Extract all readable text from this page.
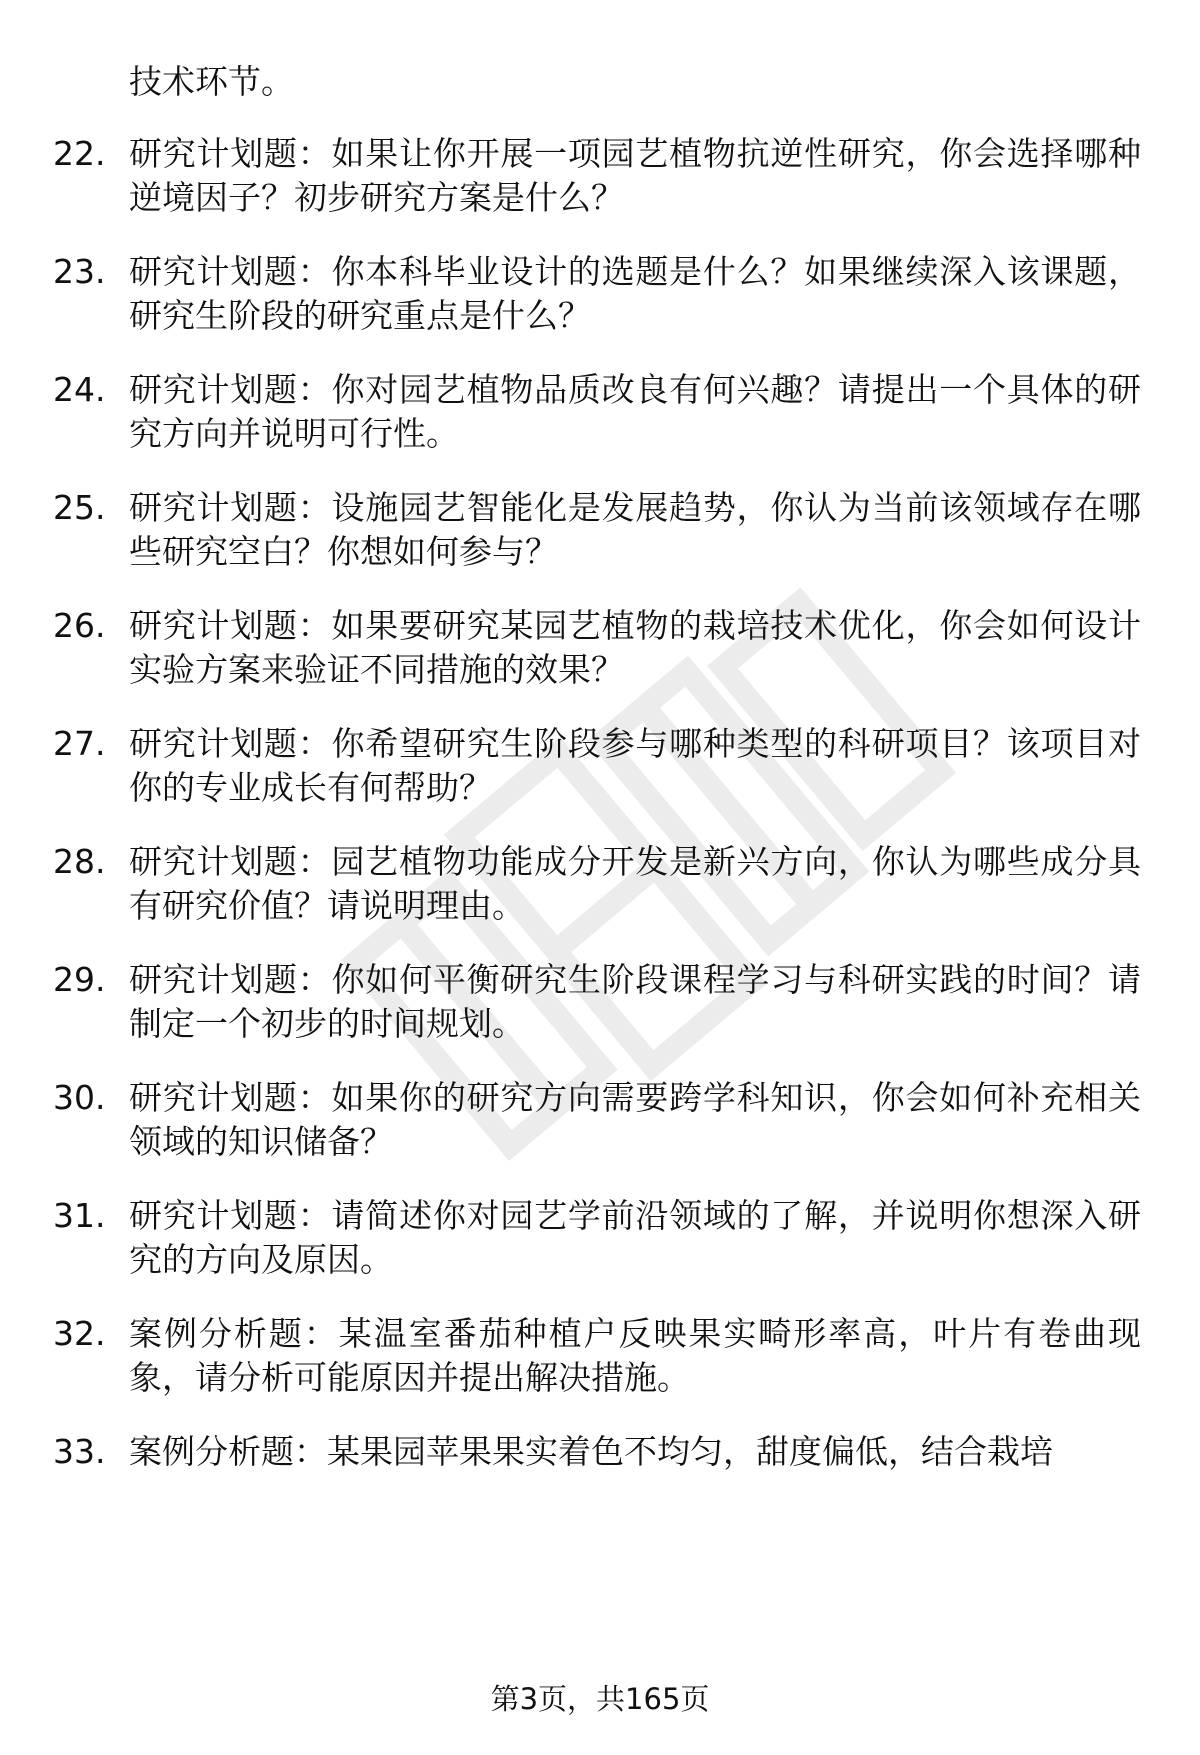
技术环节。
22. 研究计划题：如果让你开展一项园艺植物抗逆性研究，你会选择哪种逆境因子？初步研究方案是什么？
23. 研究计划题：你本科毕业设计的选题是什么？如果继续深入该课题，研究生阶段的研究重点是什么？
24. 研究计划题：你对园艺植物品质改良有何兴趣？请提出一个具体的研究方向并说明可行性。
25. 研究计划题：设施园艺智能化是发展趋势，你认为当前该领域存在哪些研究空白？你想如何参与？
26. 研究计划题：如果要研究某园艺植物的栽培技术优化，你会如何设计实验方案来验证不同措施的效果？
27. 研究计划题：你希望研究生阶段参与哪种类型的科研项目？该项目对你的专业成长有何帮助？
28. 研究计划题：园艺植物功能成分开发是新兴方向，你认为哪些成分具有研究价值？请说明理由。
29. 研究计划题：你如何平衡研究生阶段课程学习与科研实践的时间？请制定一个初步的时间规划。
30. 研究计划题：如果你的研究方向需要跨学科知识，你会如何补充相关领域的知识储备？
31. 研究计划题：请简述你对园艺学前沿领域的了解，并说明你想深入研究的方向及原因。
32. 案例分析题：某温室番茄种植户反映果实畸形率高，叶片有卷曲现象，请分析可能原因并提出解决措施。
33. 案例分析题：某果园苹果果实着色不均匀，甜度偏低，结合栽培
第3页，共165页
